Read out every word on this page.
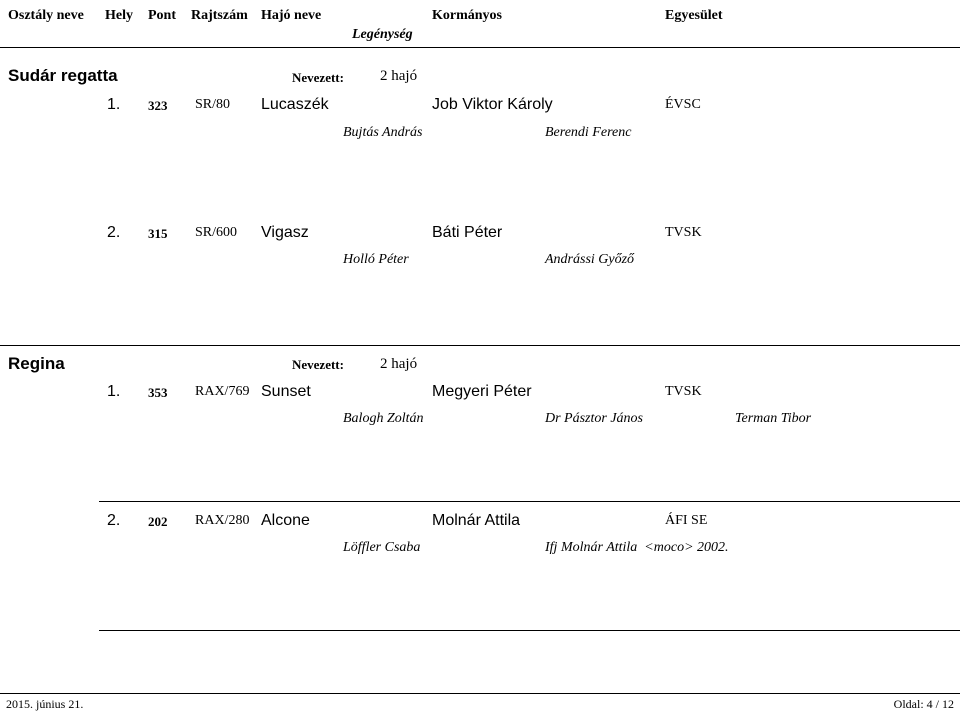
Osztály neve Hely Pont Rajtszám Hajó neve	Kormányos	Egyesület
Legénység
Sudár regatta	Nevezett: 2 hajó
1. 323 SR/80 Lucaszék	Job Viktor Károly	ÉVSC
Bujtás András	Berendi Ferenc
2. 315 SR/600 Vigasz	Báti Péter	TVSK
Holló Péter	Andrássi Győző
Regina	Nevezett: 2 hajó
1. 353 RAX/769 Sunset	Megyeri Péter	TVSK
Balogh Zoltán	Dr Pásztor János	Terman Tibor
2. 202 RAX/280 Alcone	Molnár Attila	ÁFI SE
Löffler Csaba	Ifj Molnár Attila  <moco> 2002.
2015. június 21.	Oldal: 4 / 12
